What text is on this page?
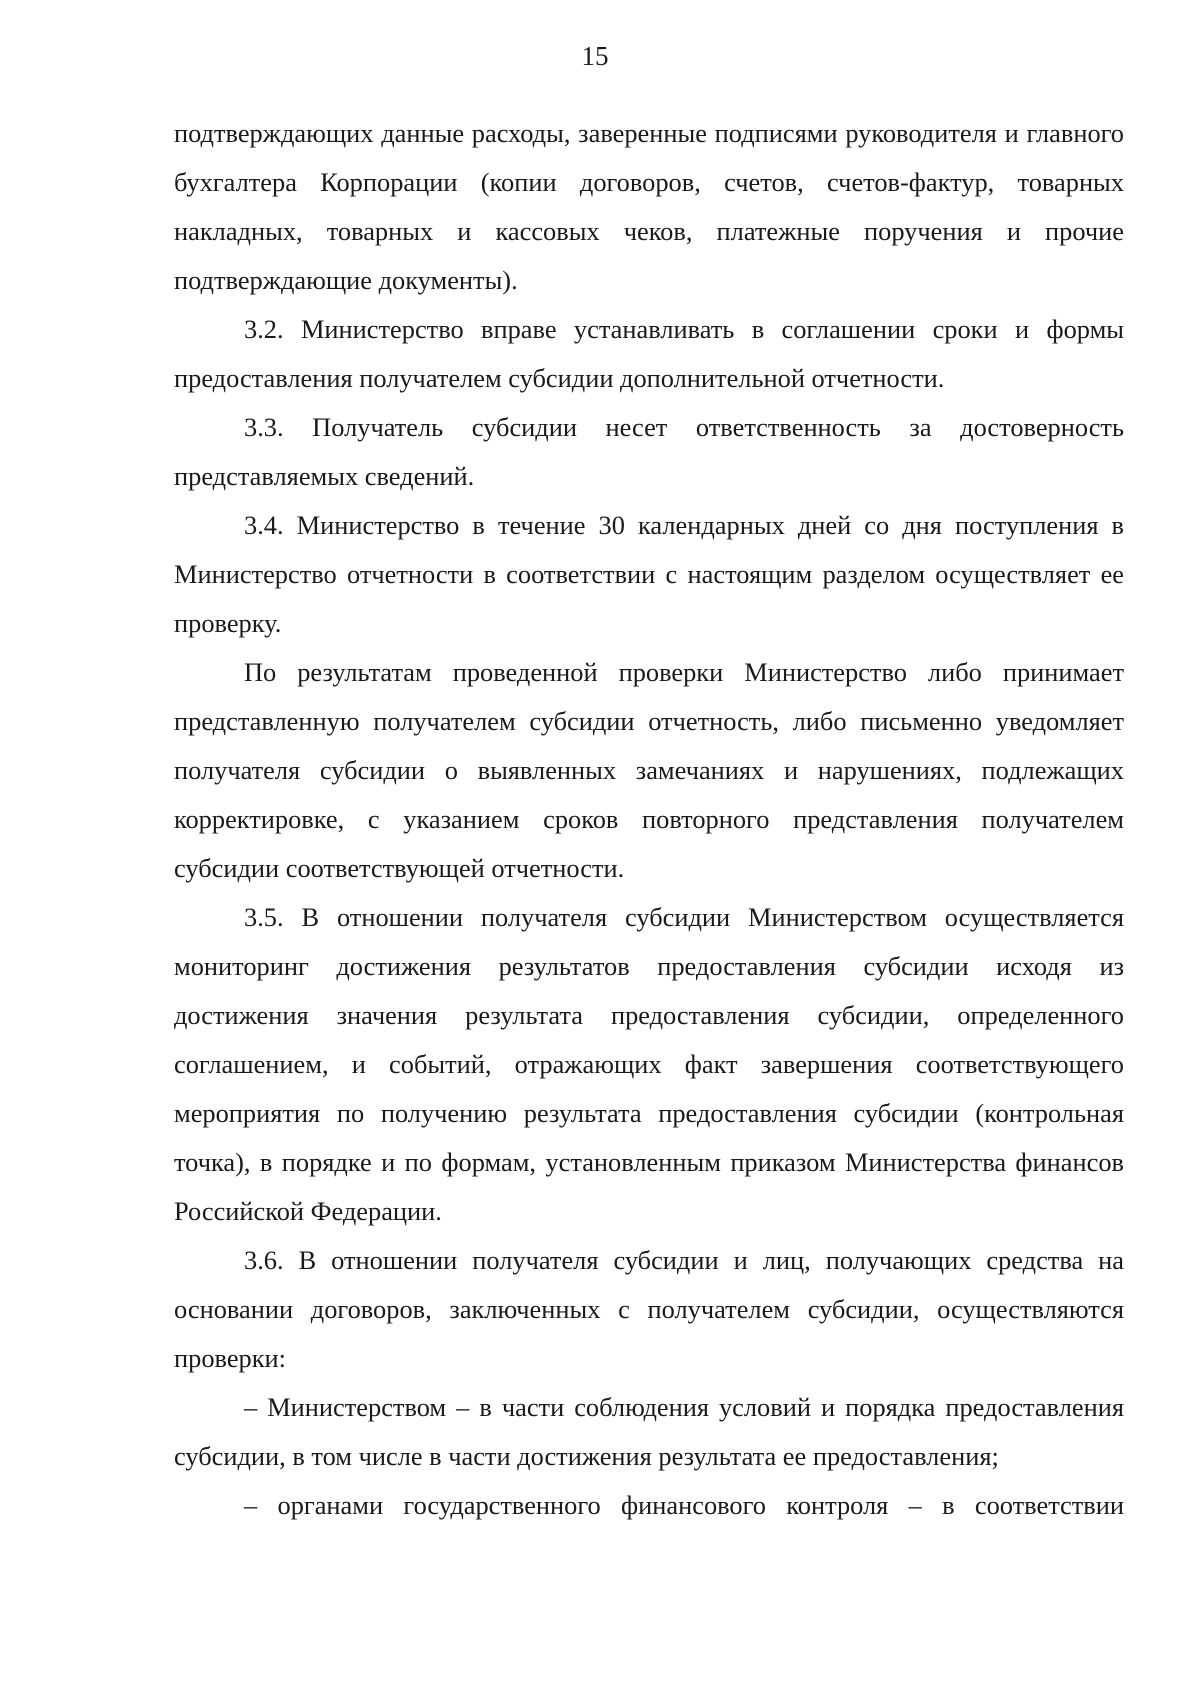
15

подтверждающих данные расходы, заверенные подписями руководителя и главного бухгалтера Корпорации (копии договоров, счетов, счетов-фактур, товарных накладных, товарных и кассовых чеков, платежные поручения и прочие подтверждающие документы).

3.2. Министерство вправе устанавливать в соглашении сроки и формы предоставления получателем субсидии дополнительной отчетности.

3.3. Получатель субсидии несет ответственность за достоверность представляемых сведений.

3.4. Министерство в течение 30 календарных дней со дня поступления в Министерство отчетности в соответствии с настоящим разделом осуществляет ее проверку.

По результатам проведенной проверки Министерство либо принимает представленную получателем субсидии отчетность, либо письменно уведомляет получателя субсидии о выявленных замечаниях и нарушениях, подлежащих корректировке, с указанием сроков повторного представления получателем субсидии соответствующей отчетности.

3.5. В отношении получателя субсидии Министерством осуществляется мониторинг достижения результатов предоставления субсидии исходя из достижения значения результата предоставления субсидии, определенного соглашением, и событий, отражающих факт завершения соответствующего мероприятия по получению результата предоставления субсидии (контрольная точка), в порядке и по формам, установленным приказом Министерства финансов Российской Федерации.

3.6. В отношении получателя субсидии и лиц, получающих средства на основании договоров, заключенных с получателем субсидии, осуществляются проверки:

– Министерством – в части соблюдения условий и порядка предоставления субсидии, в том числе в части достижения результата ее предоставления;

– органами государственного финансового контроля – в соответствии
